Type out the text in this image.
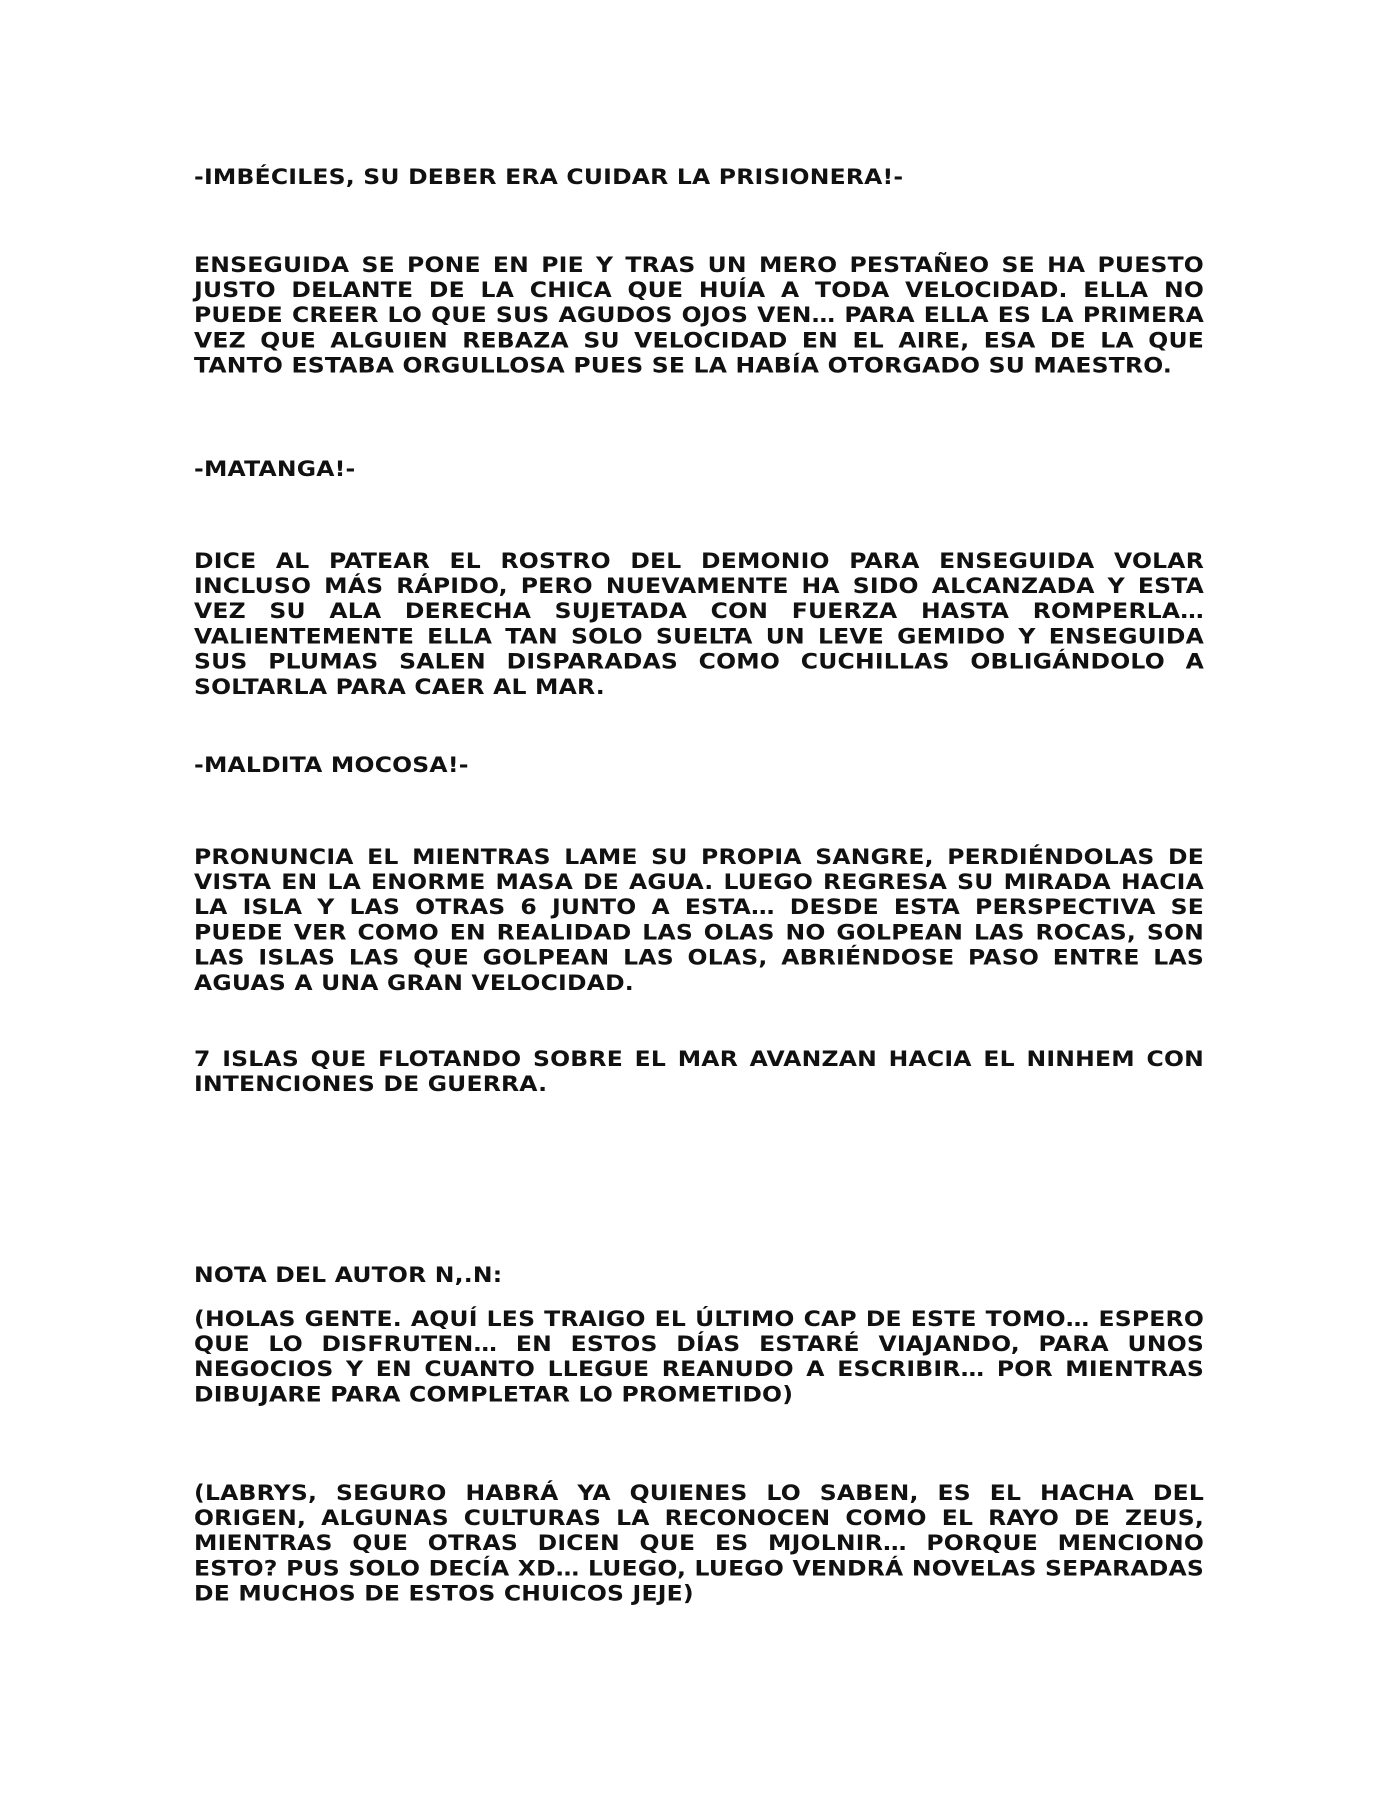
-IMBÉCILES, SU DEBER ERA CUIDAR LA PRISIONERA!-

ENSEGUIDA SE PONE EN PIE Y TRAS UN MERO PESTAÑEO SE HA PUESTO JUSTO DELANTE DE LA CHICA QUE HUÍA A TODA VELOCIDAD. ELLA NO PUEDE CREER LO QUE SUS AGUDOS OJOS VEN… PARA ELLA ES LA PRIMERA VEZ QUE ALGUIEN REBAZA SU VELOCIDAD EN EL AIRE, ESA DE LA QUE TANTO ESTABA ORGULLOSA PUES SE LA HABÍA OTORGADO SU MAESTRO.

-MATANGA!-

DICE AL PATEAR EL ROSTRO DEL DEMONIO PARA ENSEGUIDA VOLAR INCLUSO MÁS RÁPIDO, PERO NUEVAMENTE HA SIDO ALCANZADA Y ESTA VEZ SU ALA DERECHA SUJETADA CON FUERZA HASTA ROMPERLA… VALIENTEMENTE ELLA TAN SOLO SUELTA UN LEVE GEMIDO Y ENSEGUIDA SUS PLUMAS SALEN DISPARADAS COMO CUCHILLAS OBLIGÁNDOLO A SOLTARLA PARA CAER AL MAR.

-MALDITA MOCOSA!-

PRONUNCIA EL MIENTRAS LAME SU PROPIA SANGRE, PERDIÉNDOLAS DE VISTA EN LA ENORME MASA DE AGUA. LUEGO REGRESA SU MIRADA HACIA LA ISLA Y LAS OTRAS 6 JUNTO A ESTA… DESDE ESTA PERSPECTIVA SE PUEDE VER COMO EN REALIDAD LAS OLAS NO GOLPEAN LAS ROCAS, SON LAS ISLAS LAS QUE GOLPEAN LAS OLAS, ABRIÉNDOSE PASO ENTRE LAS AGUAS A UNA GRAN VELOCIDAD.

7 ISLAS QUE FLOTANDO SOBRE EL MAR AVANZAN HACIA EL NINHEM CON INTENCIONES DE GUERRA.

NOTA DEL AUTOR N,.N:

(HOLAS GENTE. AQUÍ LES TRAIGO EL ÚLTIMO CAP DE ESTE TOMO… ESPERO QUE LO DISFRUTEN… EN ESTOS DÍAS ESTARÉ VIAJANDO, PARA UNOS NEGOCIOS Y EN CUANTO LLEGUE REANUDO A ESCRIBIR… POR MIENTRAS DIBUJARE PARA COMPLETAR LO PROMETIDO)

(LABRYS, SEGURO HABRÁ YA QUIENES LO SABEN, ES EL HACHA DEL ORIGEN, ALGUNAS CULTURAS LA RECONOCEN COMO EL RAYO DE ZEUS, MIENTRAS QUE OTRAS DICEN QUE ES MJOLNIR… PORQUE MENCIONO ESTO? PUS SOLO DECÍA XD… LUEGO, LUEGO VENDRÁ NOVELAS SEPARADAS DE MUCHOS DE ESTOS CHUICOS JEJE)
